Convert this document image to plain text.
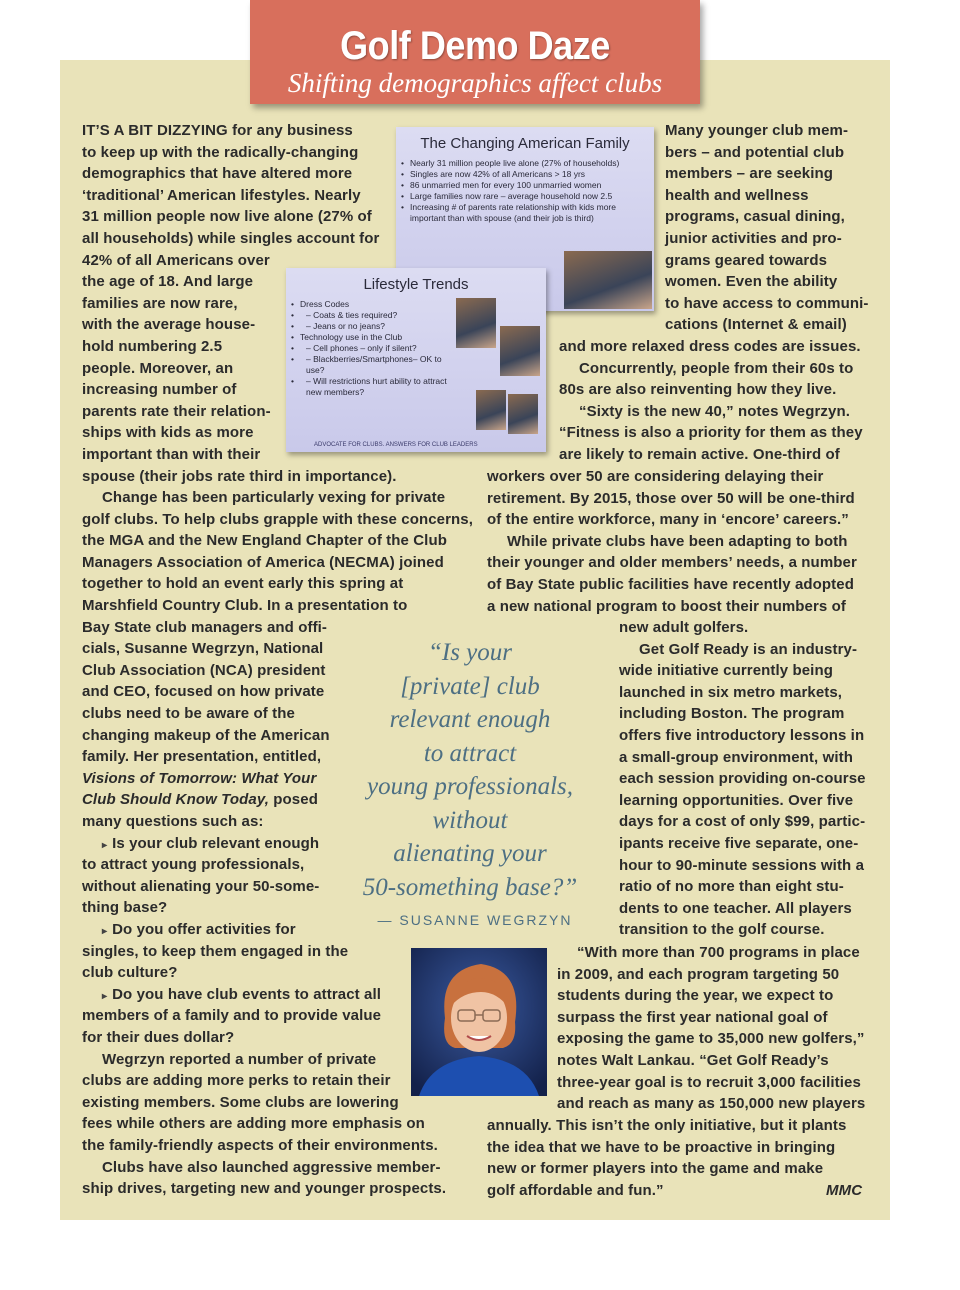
Golf Demo Daze
Shifting demographics affect clubs
The Changing American Family
• Nearly 31 million people live alone (27% of households)
• Singles are now 42% of all Americans > 18 yrs
• 86 unmarried men for every 100 unmarried women
• Large families now rare – average household now 2.5
• Increasing # of parents rate relationship with kids more important than with spouse (and their job is third)
Lifestyle Trends
• Dress Codes
• – Coats & ties required?
• – Jeans or no jeans?
• Technology use in the Club
• – Cell phones – only if silent?
• – Blackberries/Smartphones– OK to use?
• – Will restrictions hurt ability to attract new members?
ADVOCATE FOR CLUBS. ANSWERS FOR CLUB LEADERS
IT’S A BIT DIZZYING for any business
to keep up with the radically-changing
demographics that have altered more
‘traditional’ American lifestyles. Nearly
31 million people now live alone (27% of
all households) while singles account for
42% of all Americans over
the age of 18. And large
families are now rare,
with the average house-
hold numbering 2.5
people. Moreover, an
increasing number of
parents rate their relation-
ships with kids as more
important than with their
spouse (their jobs rate third in importance).
Change has been particularly vexing for private
golf clubs. To help clubs grapple with these concerns,
the MGA and the New England Chapter of the Club
Managers Association of America (NECMA) joined
together to hold an event early this spring at
Marshfield Country Club. In a presentation to
Bay State club managers and offi-
cials, Susanne Wegrzyn, National
Club Association (NCA) president
and CEO, focused on how private
clubs need to be aware of the
changing makeup of the American
family. Her presentation, entitled,
Visions of Tomorrow: What Your
Club Should Know Today, posed
many questions such as:
▸ Is your club relevant enough
to attract young professionals,
without alienating your 50-some-
thing base?
▸ Do you offer activities for
singles, to keep them engaged in the
club culture?
▸ Do you have club events to attract all
members of a family and to provide value
for their dues dollar?
Wegrzyn reported a number of private
clubs are adding more perks to retain their
existing members. Some clubs are lowering
fees while others are adding more emphasis on
the family-friendly aspects of their environments.
Clubs have also launched aggressive member-
ship drives, targeting new and younger prospects.
Many younger club mem-
bers – and potential club
members – are seeking
health and wellness
programs, casual dining,
junior activities and pro-
grams geared towards
women. Even the ability
to have access to communi-
cations (Internet & email)
and more relaxed dress codes are issues.
Concurrently, people from their 60s to
80s are also reinventing how they live.
“Sixty is the new 40,” notes Wegrzyn.
“Fitness is also a priority for them as they
are likely to remain active. One-third of
workers over 50 are considering delaying their
retirement. By 2015, those over 50 will be one-third
of the entire workforce, many in ‘encore’ careers.”
While private clubs have been adapting to both
their younger and older members’ needs, a number
of Bay State public facilities have recently adopted
a new national program to boost their numbers of
new adult golfers.
Get Golf Ready is an industry-
wide initiative currently being
launched in six metro markets,
including Boston. The program
offers five introductory lessons in
a small-group environment, with
each session providing on-course
learning opportunities. Over five
days for a cost of only $99, partic-
ipants receive five separate, one-
hour to 90-minute sessions with a
ratio of no more than eight stu-
dents to one teacher. All players
transition to the golf course.
“With more than 700 programs in place
in 2009, and each program targeting 50
students during the year, we expect to
surpass the first year national goal of
exposing the game to 35,000 new golfers,”
notes Walt Lankau. “Get Golf Ready’s
three-year goal is to recruit 3,000 facilities
and reach as many as 150,000 new players
annually. This isn’t the only initiative, but it plants
the idea that we have to be proactive in bringing
new or former players into the game and make
golf affordable and fun.”	MMC
“Is your
[private] club
relevant enough
to attract
young professionals,
without
alienating your
50-something base?”
— SUSANNE WEGRZYN
